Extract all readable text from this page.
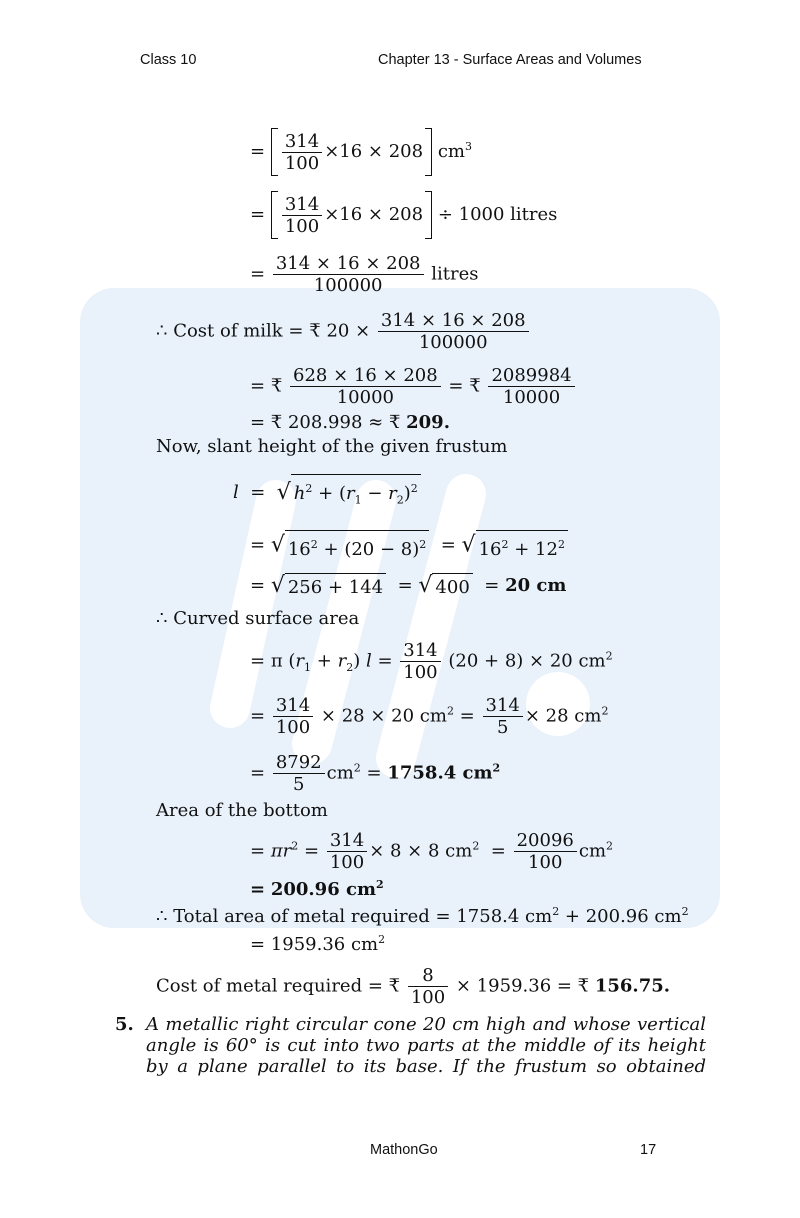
Class 10	Chapter 13 - Surface Areas and Volumes
= $\frac{314}{100} \times 16 \times 208$ $cm^3$
= $\frac{314}{100} \times 16 \times 208 \div 1000$ litres
= $\frac{314 \times 16 \times 208}{100000}$ litres
∴ Cost of milk = ₹ $20 \times \frac{314 \times 16 \times 208}{100000}$
= ₹ $\frac{628 \times 16 \times 208}{10000}$ = ₹ $\frac{2089984}{10000}$
= ₹ 208.998 ≈ ₹ 209.
Now, slant height of the given frustum
l = √ $h^2 + (r_1 - r_2)^2$
= √ $16^2 + (20 - 8)^2$ = √ $16^2 + 12^2$
= √ 256 + 144 = √ 400 = 20 cm
∴ Curved surface area
= π $(r_1 + r_2) l = \frac{314}{100} (20 + 8) \times 20$ $cm^2$
= $\frac{314}{100} \times 28 \times 20$ $cm^2 = \frac{314}{5} \times 28$ $cm^2$
= $\frac{8792}{5} cm^2 = 1758.4$ $cm^2$
Area of the bottom
= $\pi r^2 = \frac{314}{100} \times 8 \times 8$ $cm^2 = \frac{20096}{100} cm^2$
= 200.96 $cm^2$
∴ Total area of metal required = 1758.4 $cm^2 + 200.96$ $cm^2$
= 1959.36 $cm^2$
Cost of metal required = ₹ $\frac{8}{100} \times 1959.36$ = ₹ 156.75.
5. A metallic right circular cone 20 cm high and whose vertical
angle is 60° is cut into two parts at the middle of its height
by a plane parallel to its base. If the frustum so obtained
MathonGo	17
